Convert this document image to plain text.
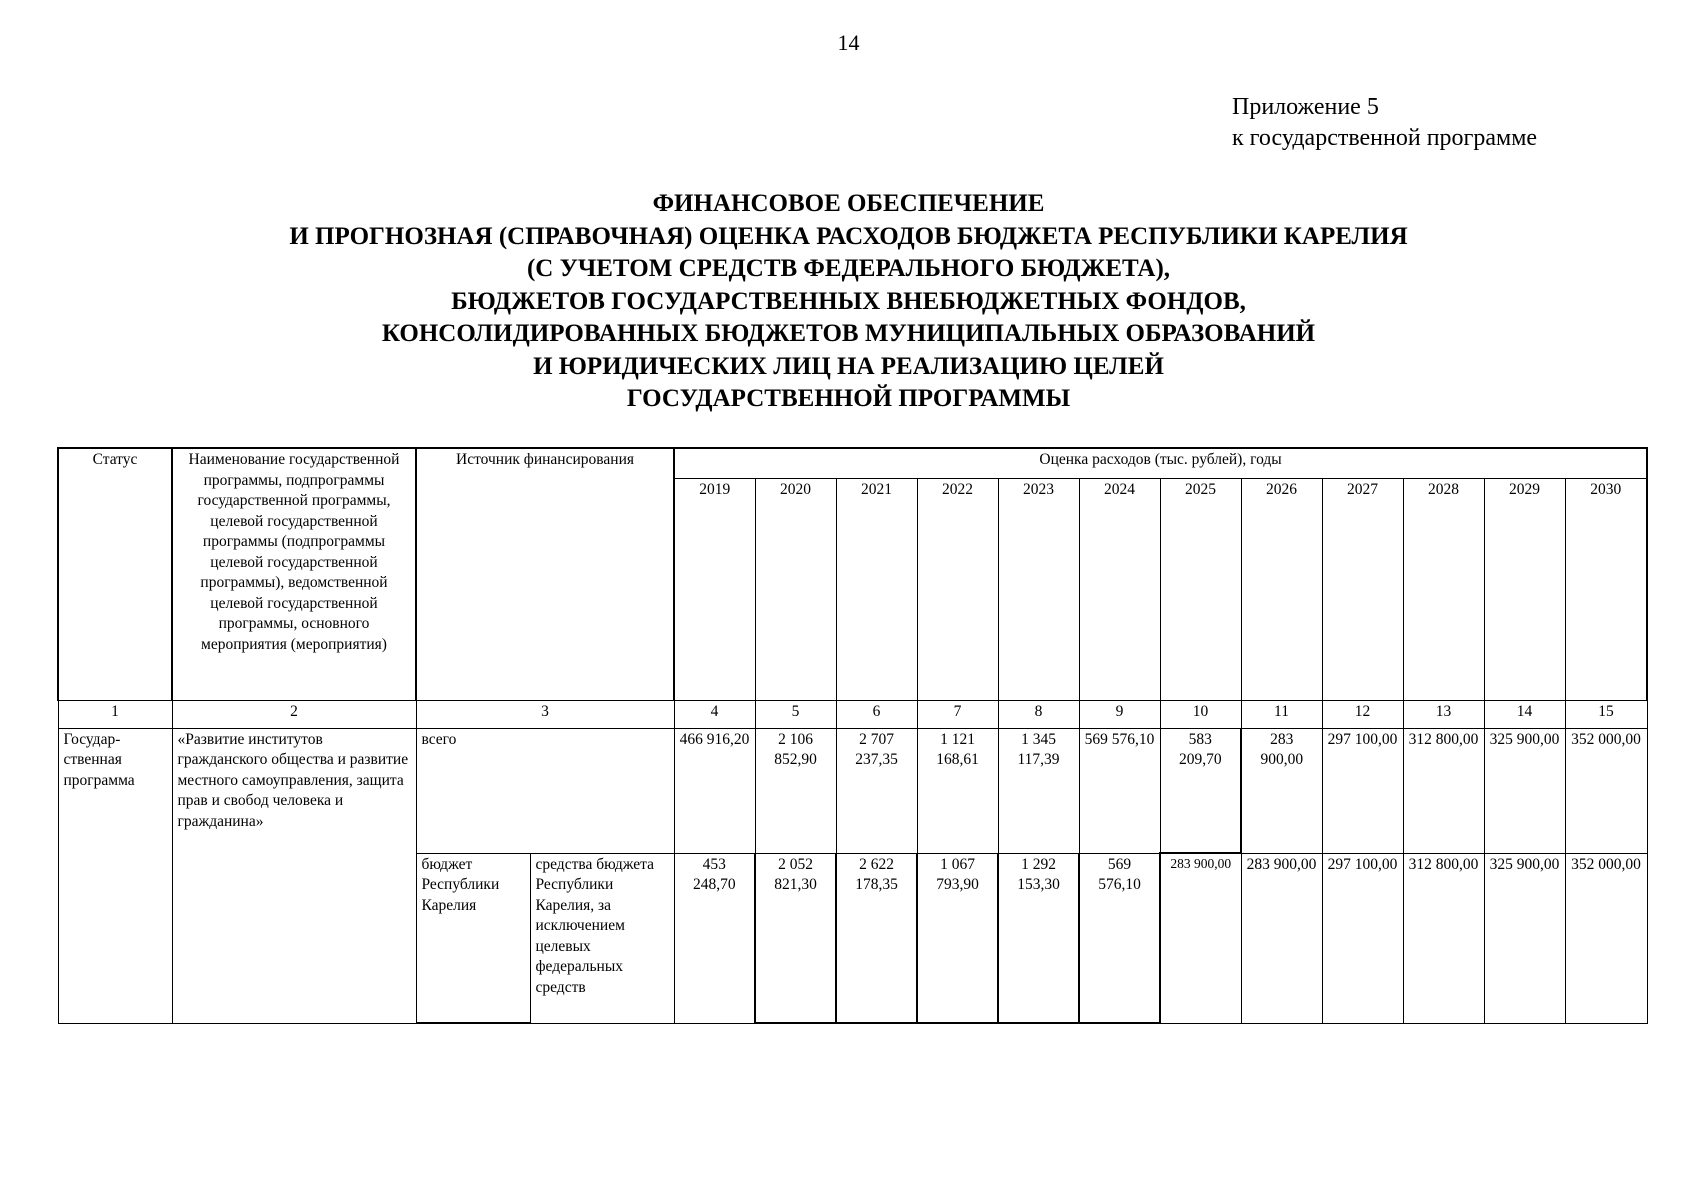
14
Приложение 5
к государственной программе
ФИНАНСОВОЕ ОБЕСПЕЧЕНИЕ
И ПРОГНОЗНАЯ (СПРАВОЧНАЯ) ОЦЕНКА РАСХОДОВ БЮДЖЕТА РЕСПУБЛИКИ КАРЕЛИЯ
(С УЧЕТОМ СРЕДСТВ ФЕДЕРАЛЬНОГО БЮДЖЕТА),
БЮДЖЕТОВ ГОСУДАРСТВЕННЫХ ВНЕБЮДЖЕТНЫХ ФОНДОВ,
КОНСОЛИДИРОВАННЫХ БЮДЖЕТОВ МУНИЦИПАЛЬНЫХ ОБРАЗОВАНИЙ
И ЮРИДИЧЕСКИХ ЛИЦ НА РЕАЛИЗАЦИЮ ЦЕЛЕЙ
ГОСУДАРСТВЕННОЙ ПРОГРАММЫ
Статус	Наименование государственной программы, подпрограммы государственной программы, целевой государственной программы (подпрограммы целевой государственной программы), ведомственной целевой государственной программы, основного мероприятия (мероприятия)	Источник финансирования		Оценка расходов (тыс. рублей), годы											
				2019	2020	2021	2022	2023	2024	2025	2026	2027	2028	2029	2030
1	2	3		4	5	6	7	8	9	10	11	12	13	14	15
Государ-ственная программа	«Развитие институтов гражданского общества и развитие местного самоуправления, защита прав и свобод человека и гражданина»	всего		466 916,20	2 106 852,90	2 707 237,35	1 121 168,61	1 345 117,39	569 576,10	583 209,70	283 900,00	297 100,00	312 800,00	325 900,00	352 000,00
		бюджет Республики Карелия	средства бюджета Республики Карелия, за исключением целевых федеральных средств	453 248,70	2 052 821,30	2 622 178,35	1 067 793,90	1 292 153,30	569 576,10	283 900,00	283 900,00	297 100,00	312 800,00	325 900,00	352 000,00
